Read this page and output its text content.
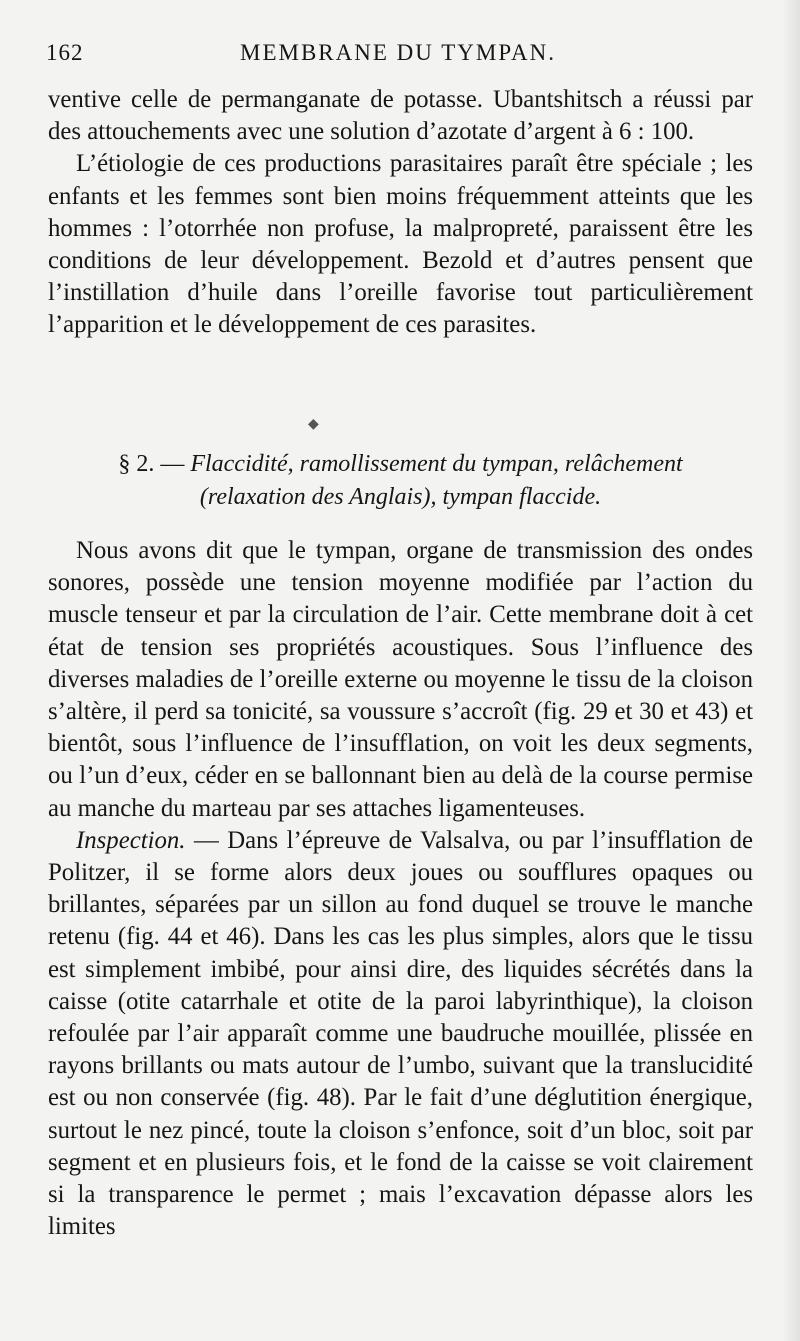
162	MEMBRANE DU TYMPAN.

ventive celle de permanganate de potasse. Ubantshitsch a réussi par des attouchements avec une solution d’azotate d’argent à 6 : 100.

L’étiologie de ces productions parasitaires paraît être spéciale ; les enfants et les femmes sont bien moins fréquemment atteints que les hommes : l’otorrhée non profuse, la malpropreté, paraissent être les conditions de leur développement. Bezold et d’autres pensent que l’instillation d’huile dans l’oreille favorise tout particulièrement l’apparition et le développement de ces parasites.

◆
§ 2. — Flaccidité, ramollissement du tympan, relâchement
(relaxation des Anglais), tympan flaccide.

Nous avons dit que le tympan, organe de transmission des ondes sonores, possède une tension moyenne modifiée par l’action du muscle tenseur et par la circulation de l’air. Cette membrane doit à cet état de tension ses propriétés acoustiques. Sous l’influence des diverses maladies de l’oreille externe ou moyenne le tissu de la cloison s’altère, il perd sa tonicité, sa voussure s’accroît (fig. 29 et 30 et 43) et bientôt, sous l’influence de l’insufflation, on voit les deux segments, ou l’un d’eux, céder en se ballonnant bien au delà de la course permise au manche du marteau par ses attaches ligamenteuses.

Inspection. — Dans l’épreuve de Valsalva, ou par l’insufflation de Politzer, il se forme alors deux joues ou soufflures opaques ou brillantes, séparées par un sillon au fond duquel se trouve le manche retenu (fig. 44 et 46). Dans les cas les plus simples, alors que le tissu est simplement imbibé, pour ainsi dire, des liquides sécrétés dans la caisse (otite catarrhale et otite de la paroi labyrinthique), la cloison refoulée par l’air apparaît comme une baudruche mouillée, plissée en rayons brillants ou mats autour de l’umbo, suivant que la translucidité est ou non conservée (fig. 48). Par le fait d’une déglutition énergique, surtout le nez pincé, toute la cloison s’enfonce, soit d’un bloc, soit par segment et en plusieurs fois, et le fond de la caisse se voit clairement si la transparence le permet ; mais l’excavation dépasse alors les limites
